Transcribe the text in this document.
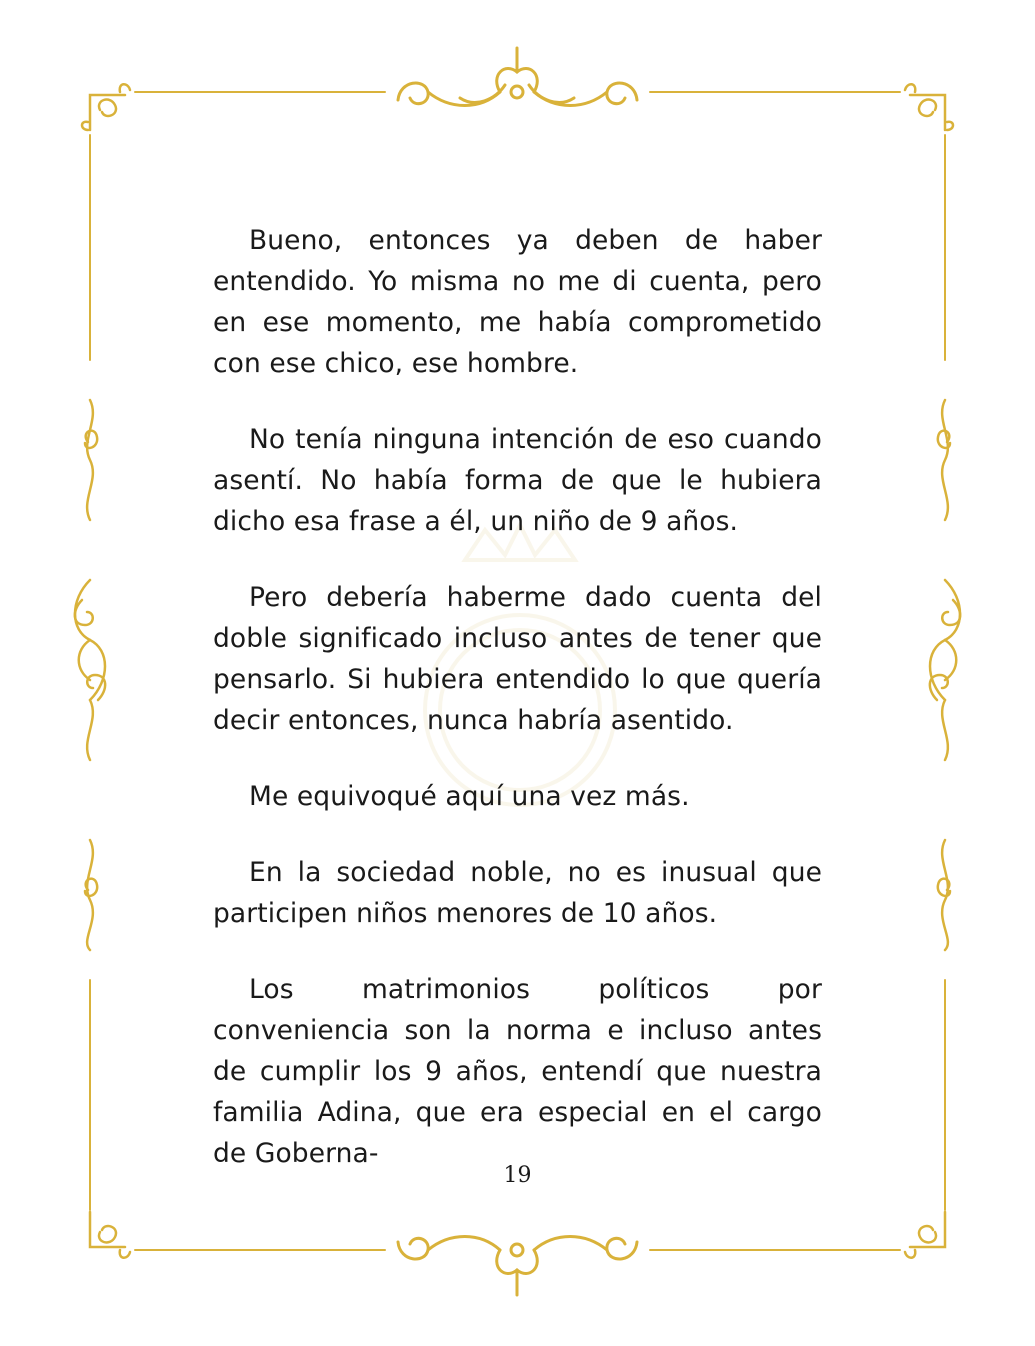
Bueno, entonces ya deben de haber entendido. Yo misma no me di cuenta, pero en ese momento, me había comprometido con ese chico, ese hombre.

No tenía ninguna intención de eso cuando asentí. No había forma de que le hubiera dicho esa frase a él, un niño de 9 años.

Pero debería haberme dado cuenta del doble significado incluso antes de tener que pensarlo. Si hubiera entendido lo que quería decir entonces, nunca habría asentido.

Me equivoqué aquí una vez más.

En la sociedad noble, no es inusual que participen niños menores de 10 años.

Los matrimonios políticos por conveniencia son la norma e incluso antes de cumplir los 9 años, entendí que nuestra familia Adina, que era especial en el cargo de Goberna-

19
